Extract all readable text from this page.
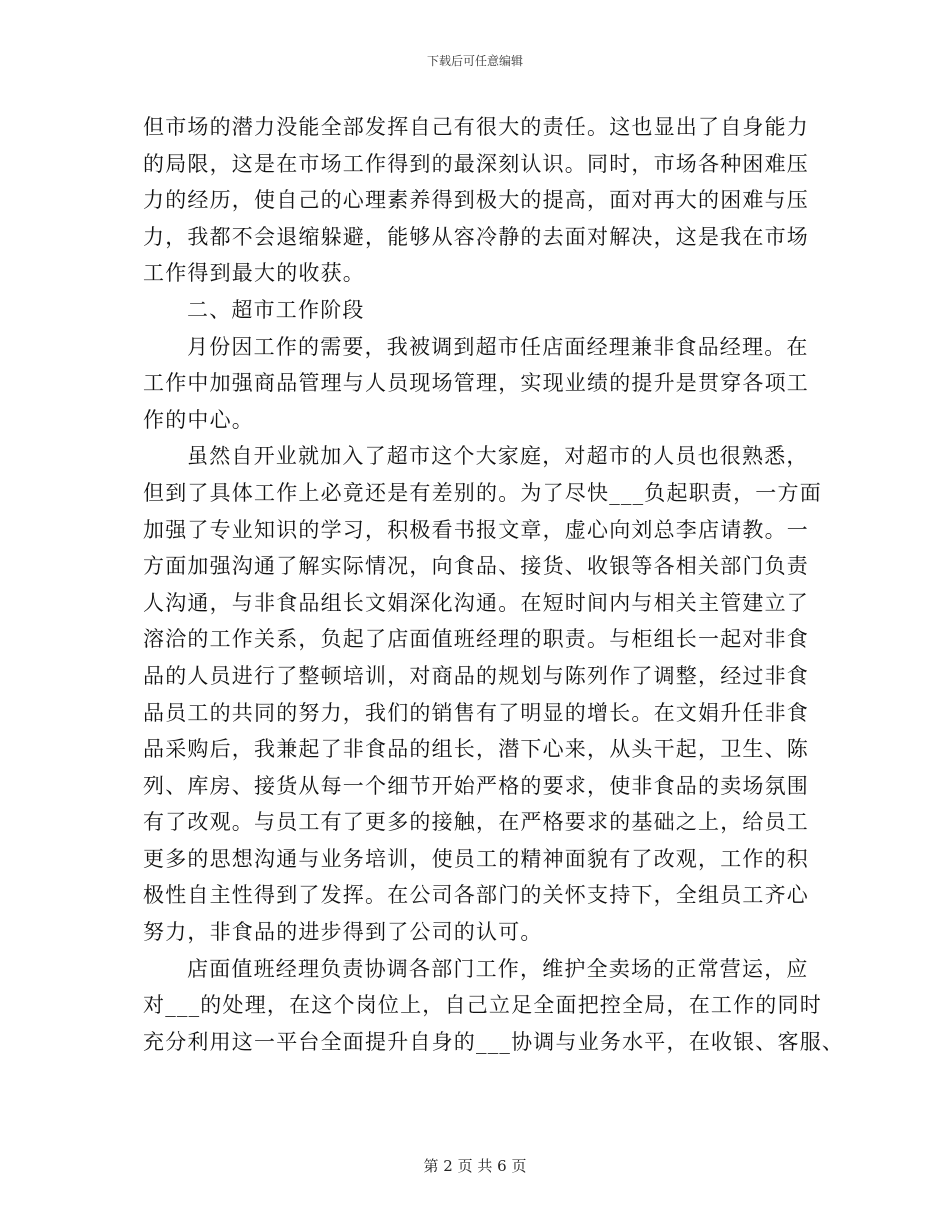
下载后可任意编辑
但市场的潜力没能全部发挥自己有很大的责任。这也显出了自身能力
的局限，这是在市场工作得到的最深刻认识。同时，市场各种困难压
力的经历，使自己的心理素养得到极大的提高，面对再大的困难与压
力，我都不会退缩躲避，能够从容冷静的去面对解决，这是我在市场
工作得到最大的收获。
二、超市工作阶段
月份因工作的需要，我被调到超市任店面经理兼非食品经理。在
工作中加强商品管理与人员现场管理，实现业绩的提升是贯穿各项工
作的中心。
虽然自开业就加入了超市这个大家庭，对超市的人员也很熟悉，
但到了具体工作上必竟还是有差别的。为了尽快___负起职责，一方面
加强了专业知识的学习，积极看书报文章，虚心向刘总李店请教。一
方面加强沟通了解实际情况，向食品、接货、收银等各相关部门负责
人沟通，与非食品组长文娟深化沟通。在短时间内与相关主管建立了
溶洽的工作关系，负起了店面值班经理的职责。与柜组长一起对非食
品的人员进行了整顿培训，对商品的规划与陈列作了调整，经过非食
品员工的共同的努力，我们的销售有了明显的增长。在文娟升任非食
品采购后，我兼起了非食品的组长，潜下心来，从头干起，卫生、陈
列、库房、接货从每一个细节开始严格的要求，使非食品的卖场氛围
有了改观。与员工有了更多的接触，在严格要求的基础之上，给员工
更多的思想沟通与业务培训，使员工的精神面貌有了改观，工作的积
极性自主性得到了发挥。在公司各部门的关怀支持下，全组员工齐心
努力，非食品的进步得到了公司的认可。
店面值班经理负责协调各部门工作，维护全卖场的正常营运，应
对___的处理，在这个岗位上，自己立足全面把控全局，在工作的同时
充分利用这一平台全面提升自身的___协调与业务水平，在收银、客服、
第 2 页 共 6 页
